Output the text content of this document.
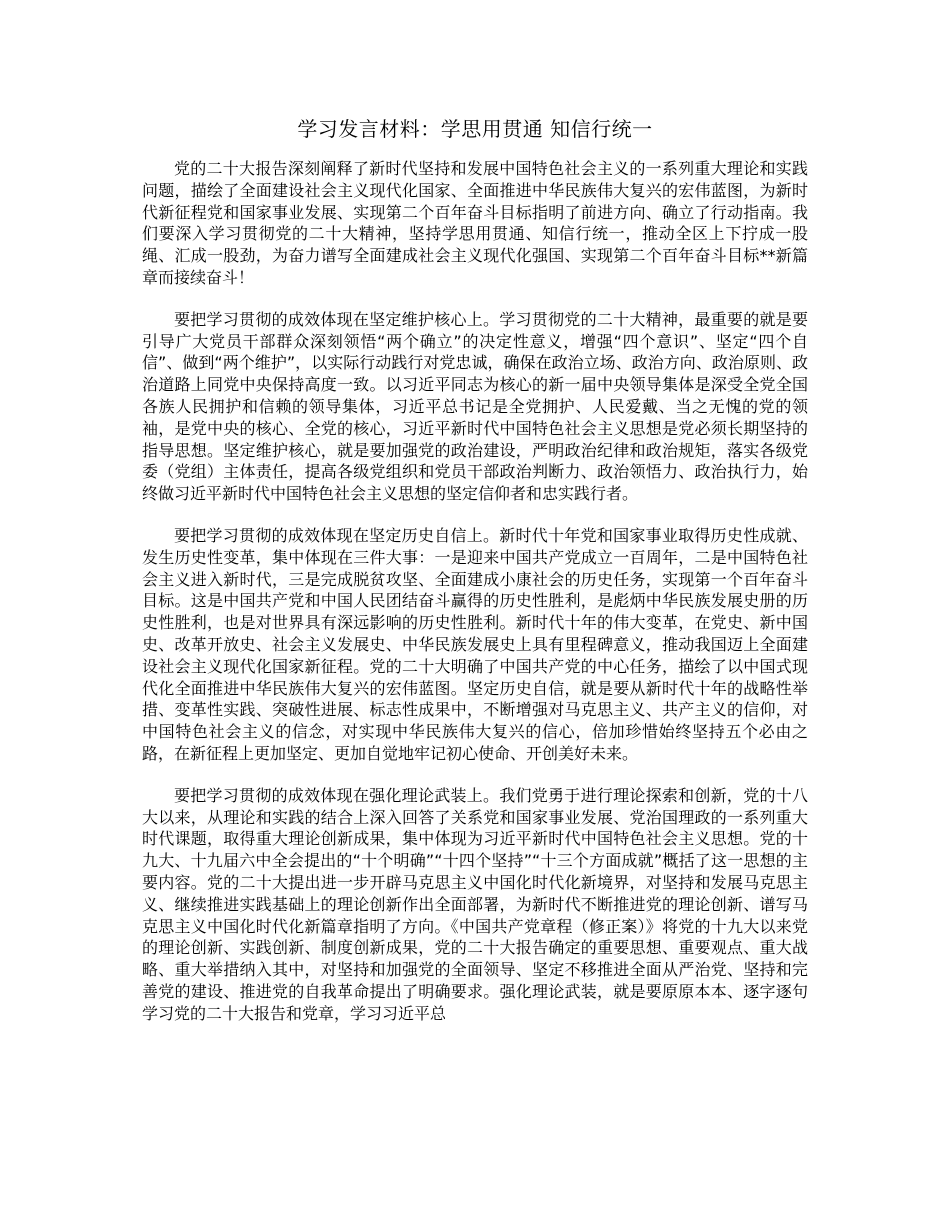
学习发言材料：学思用贯通 知信行统一

党的二十大报告深刻阐释了新时代坚持和发展中国特色社会主义的一系列重大理论和实践问题，描绘了全面建设社会主义现代化国家、全面推进中华民族伟大复兴的宏伟蓝图，为新时代新征程党和国家事业发展、实现第二个百年奋斗目标指明了前进方向、确立了行动指南。我们要深入学习贯彻党的二十大精神，坚持学思用贯通、知信行统一，推动全区上下拧成一股绳、汇成一股劲，为奋力谱写全面建成社会主义现代化强国、实现第二个百年奋斗目标**新篇章而接续奋斗！

要把学习贯彻的成效体现在坚定维护核心上。学习贯彻党的二十大精神，最重要的就是要引导广大党员干部群众深刻领悟“两个确立”的决定性意义，增强“四个意识”、坚定“四个自信”、做到“两个维护”，以实际行动践行对党忠诚，确保在政治立场、政治方向、政治原则、政治道路上同党中央保持高度一致。以习近平同志为核心的新一届中央领导集体是深受全党全国各族人民拥护和信赖的领导集体，习近平总书记是全党拥护、人民爱戴、当之无愧的党的领袖，是党中央的核心、全党的核心，习近平新时代中国特色社会主义思想是党必须长期坚持的指导思想。坚定维护核心，就是要加强党的政治建设，严明政治纪律和政治规矩，落实各级党委（党组）主体责任，提高各级党组织和党员干部政治判断力、政治领悟力、政治执行力，始终做习近平新时代中国特色社会主义思想的坚定信仰者和忠实践行者。

要把学习贯彻的成效体现在坚定历史自信上。新时代十年党和国家事业取得历史性成就、发生历史性变革，集中体现在三件大事：一是迎来中国共产党成立一百周年，二是中国特色社会主义进入新时代，三是完成脱贫攻坚、全面建成小康社会的历史任务，实现第一个百年奋斗目标。这是中国共产党和中国人民团结奋斗赢得的历史性胜利，是彪炳中华民族发展史册的历史性胜利，也是对世界具有深远影响的历史性胜利。新时代十年的伟大变革，在党史、新中国史、改革开放史、社会主义发展史、中华民族发展史上具有里程碑意义，推动我国迈上全面建设社会主义现代化国家新征程。党的二十大明确了中国共产党的中心任务，描绘了以中国式现代化全面推进中华民族伟大复兴的宏伟蓝图。坚定历史自信，就是要从新时代十年的战略性举措、变革性实践、突破性进展、标志性成果中，不断增强对马克思主义、共产主义的信仰，对中国特色社会主义的信念，对实现中华民族伟大复兴的信心，倍加珍惜始终坚持五个必由之路，在新征程上更加坚定、更加自觉地牢记初心使命、开创美好未来。

要把学习贯彻的成效体现在强化理论武装上。我们党勇于进行理论探索和创新，党的十八大以来，从理论和实践的结合上深入回答了关系党和国家事业发展、党治国理政的一系列重大时代课题，取得重大理论创新成果，集中体现为习近平新时代中国特色社会主义思想。党的十九大、十九届六中全会提出的“十个明确”“十四个坚持”“十三个方面成就”概括了这一思想的主要内容。党的二十大提出进一步开辟马克思主义中国化时代化新境界，对坚持和发展马克思主义、继续推进实践基础上的理论创新作出全面部署，为新时代不断推进党的理论创新、谱写马克思主义中国化时代化新篇章指明了方向。《中国共产党章程（修正案）》将党的十九大以来党的理论创新、实践创新、制度创新成果，党的二十大报告确定的重要思想、重要观点、重大战略、重大举措纳入其中，对坚持和加强党的全面领导、坚定不移推进全面从严治党、坚持和完善党的建设、推进党的自我革命提出了明确要求。强化理论武装，就是要原原本本、逐字逐句学习党的二十大报告和党章，学习习近平总
